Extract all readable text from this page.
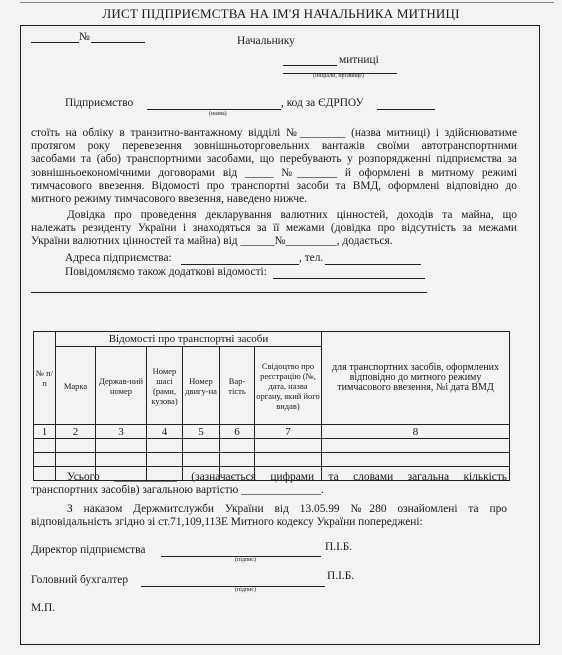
ЛИСТ ПІДПРИЄМСТВА НА ІМ'Я НАЧАЛЬНИКА МИТНИЦІ
№	Начальнику
митниці
(ініціали, прізвище)
Підприємство
(назва)
, код за ЄДРПОУ
стоїть на обліку в транзитно-вантажному відділі №________ (назва митниці) і здійснюватиме
протягом року перевезення зовнішньоторговельних вантажів своїми автотранспортними
засобами та (або) транспортними засобами, що перебувають у розпорядженні підприємства за
зовнішньоекономічними договорами від _____ №_______ й оформлені в митному режимі
тимчасового ввезення. Відомості про транспортні засоби та ВМД, оформлені відповідно до
митного режиму тимчасового ввезення, наведено нижче.
Довідка про проведення декларування валютних цінностей, доходів та майна, що
належать резиденту України і знаходяться за її межами (довідка про відсутність за межами
України валютних цінностей та майна) від ______№_________, додається.
Адреса підприємства:	, тел.
Повідомляємо також додаткові відомості:
№ п/ п	Відомості про транспортні засоби						для транспортних засобів, оформлених відповідно до митного режиму тимчасового ввезення, №і дата ВМД
	Марка	Держав-ний номер	Номер шасі (рами, кузова)	Номер двигу-на	Вар-тість	Свідоцтво про реєстрацію (№, дата, назва органу, який його видав)	
1	2	3	4	5	6	7	8

Усього ___________ (зазначається цифрами та словами загальна кількість
транспортних засобів) загальною вартістю ______________.
З наказом Держмитслужби України від 13.05.99 №280 ознайомлені та про
відповідальність згідно зі ст.71,109,113Е Митного кодексу України попереджені:
Директор підприємства
(підпис)
П.І.Б.
Головний бухгалтер
(підпис)
П.І.Б.
М.П.
